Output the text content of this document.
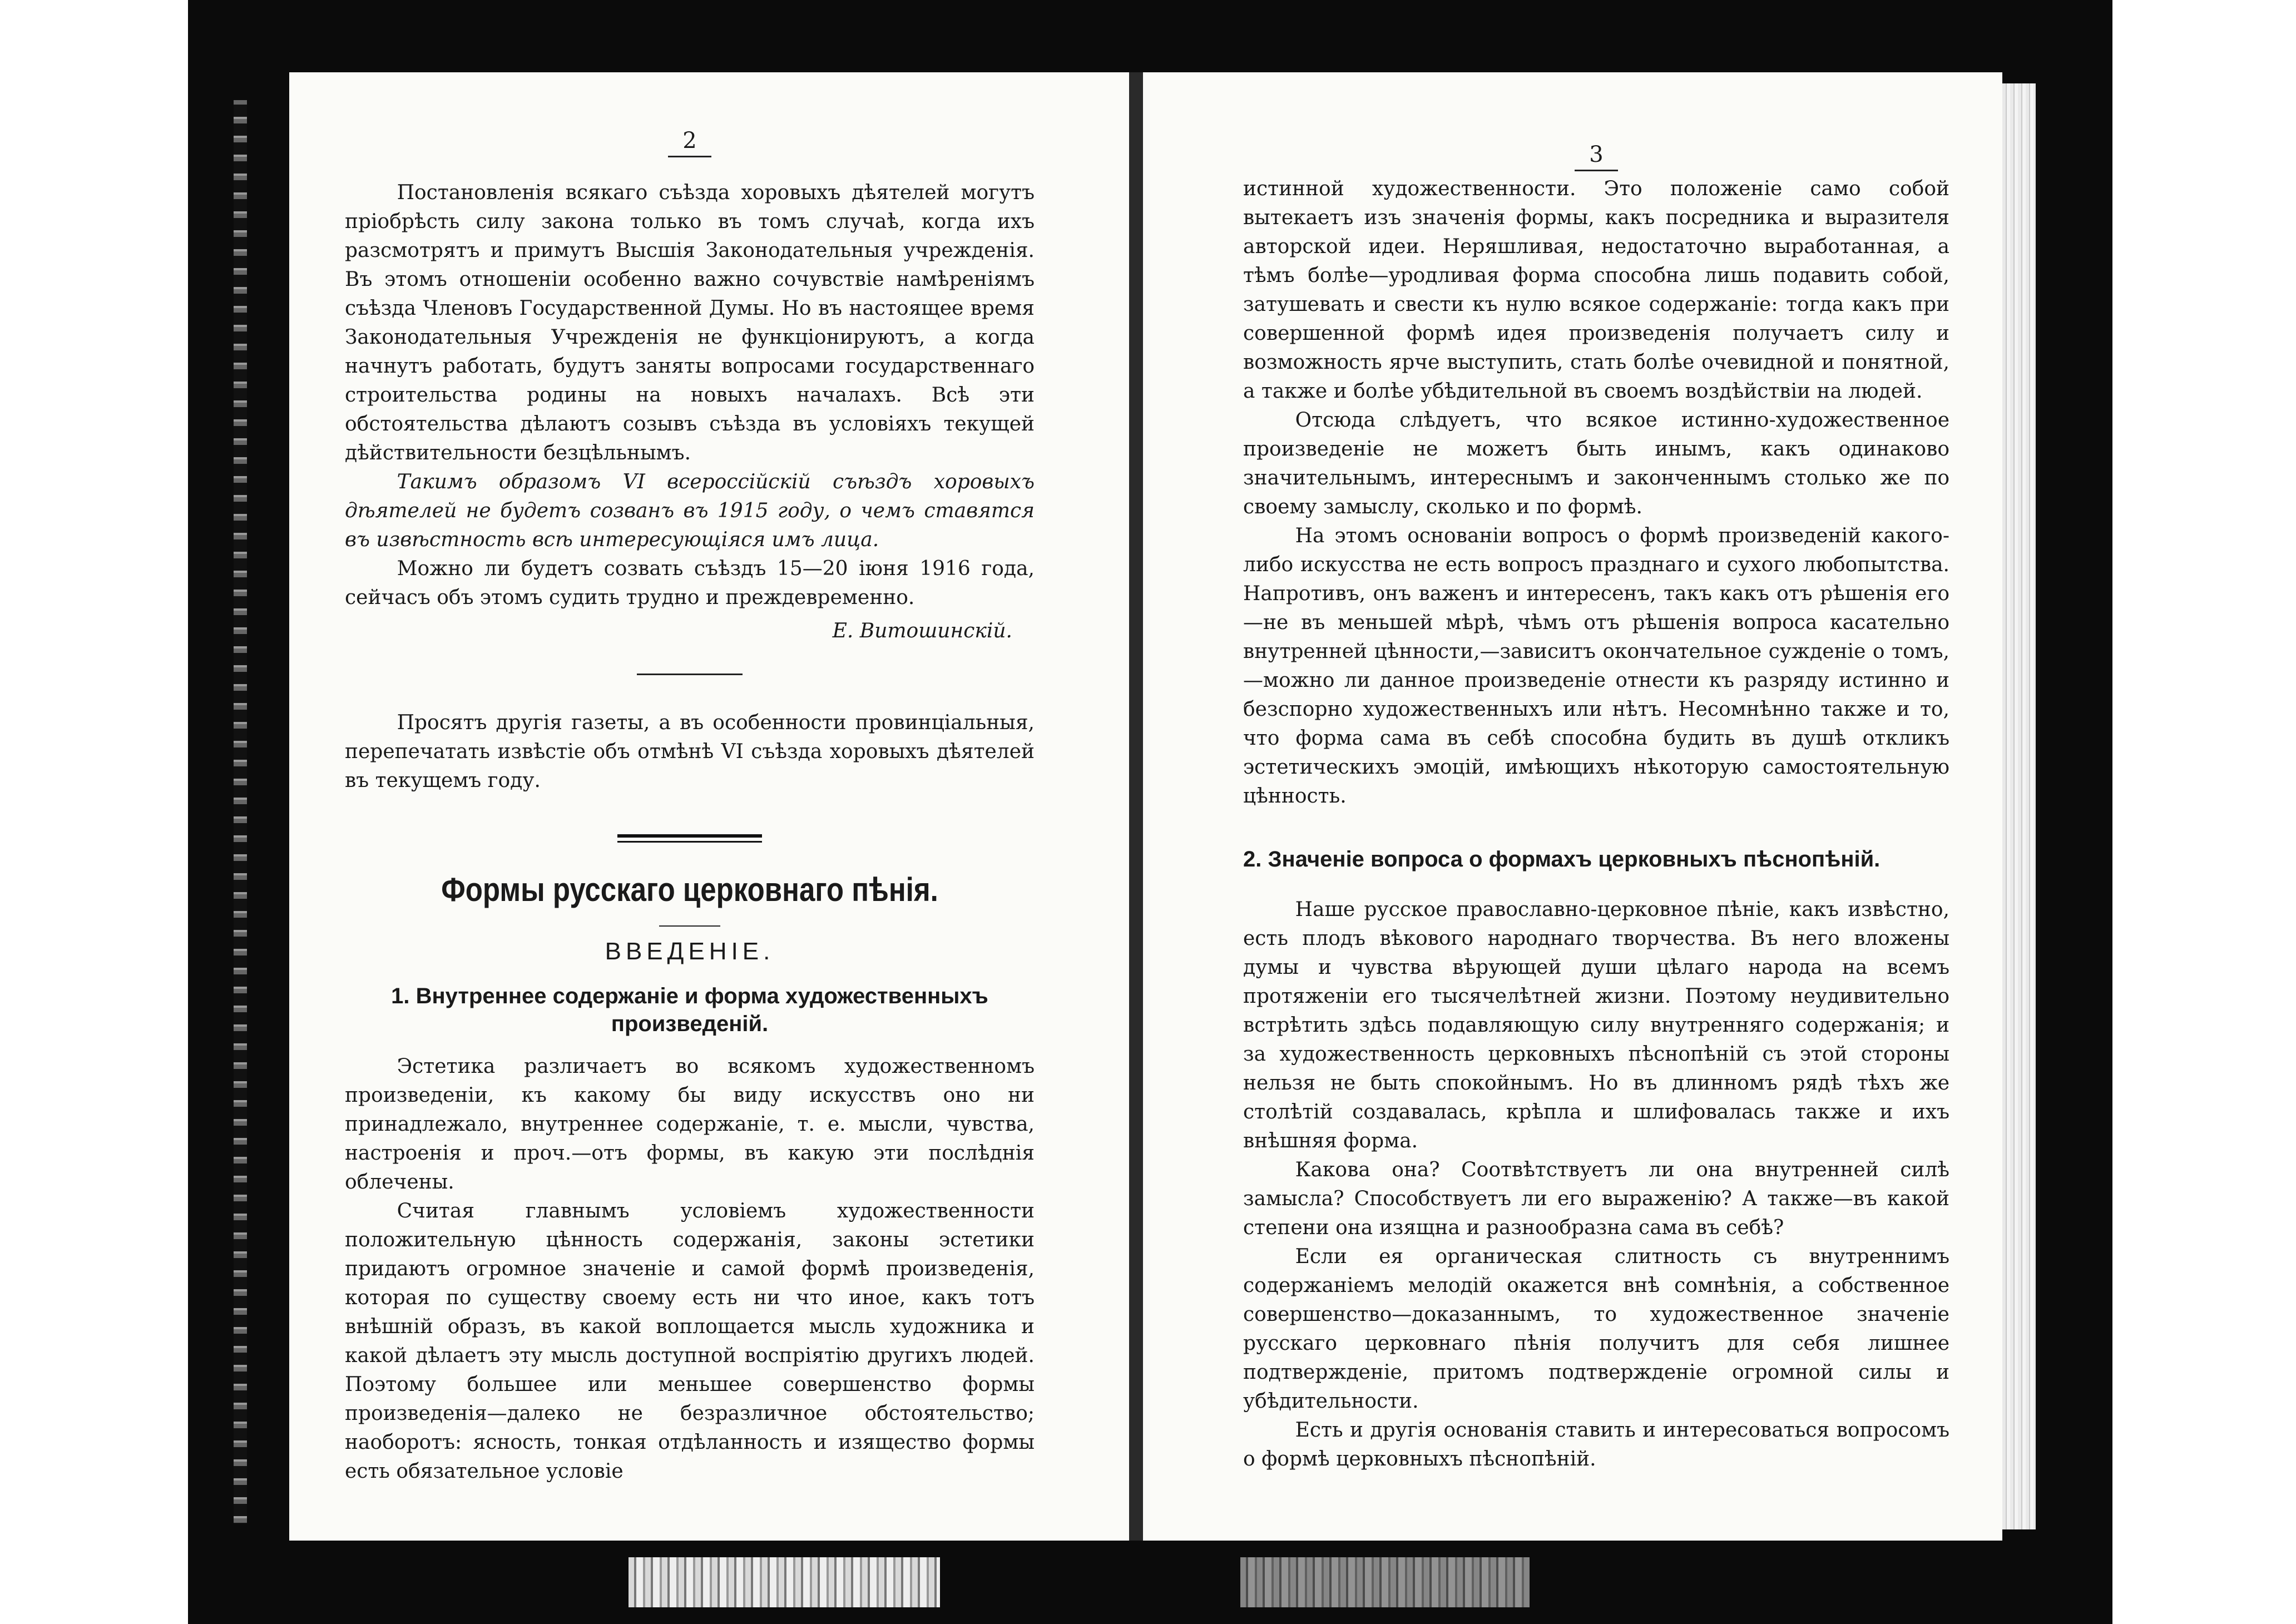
2

Постановленія всякаго съѣзда хоровыхъ дѣятелей могутъ пріобрѣсть силу закона только въ томъ случаѣ, когда ихъ разсмотрятъ и примутъ Высшія Законодательныя учрежденія. Въ этомъ отношеніи особенно важно сочувствіе намѣреніямъ съѣзда Членовъ Государственной Думы. Но въ настоящее время Законодательныя Учрежденія не функціонируютъ, а когда начнутъ работать, будутъ заняты вопросами государственнаго строительства родины на новыхъ началахъ. Всѣ эти обстоятельства дѣлаютъ созывъ съѣзда въ условіяхъ текущей дѣйствительности безцѣльнымъ.

Такимъ образомъ VI всероссійскій съѣздъ хоровыхъ дѣятелей не будетъ созванъ въ 1915 году, о чемъ ставятся въ извѣстность всѣ интересующіяся имъ лица.

Можно ли будетъ созвать съѣздъ 15—20 іюня 1916 года, сейчасъ объ этомъ судить трудно и преждевременно.

Е. Витошинскій.

Просятъ другія газеты, а въ особенности провинціальныя, перепечатать извѣстіе объ отмѣнѣ VI съѣзда хоровыхъ дѣятелей въ текущемъ году.

Формы русскаго церковнаго пѣнія.
ВВЕДЕНІЕ.
1. Внутреннее содержаніе и форма художественныхъ произведеній.

Эстетика различаетъ во всякомъ художественномъ произведеніи, къ какому бы виду искусствъ оно ни принадлежало, внутреннее содержаніе, т. е. мысли, чувства, настроенія и проч.—отъ формы, въ какую эти послѣднія облечены.

Считая главнымъ условіемъ художественности положительную цѣнность содержанія, законы эстетики придаютъ огромное значеніе и самой формѣ произведенія, которая по существу своему есть ни что иное, какъ тотъ внѣшній образъ, въ какой воплощается мысль художника и какой дѣлаетъ эту мысль доступной воспріятію другихъ людей. Поэтому большее или меньшее совершенство формы произведенія—далеко не безразличное обстоятельство; наоборотъ: ясность, тонкая отдѣланность и изящество формы есть обязательное условіе

3

истинной художественности. Это положеніе само собой вытекаетъ изъ значенія формы, какъ посредника и выразителя авторской идеи. Неряшливая, недостаточно выработанная, а тѣмъ болѣе—уродливая форма способна лишь подавить собой, затушевать и свести къ нулю всякое содержаніе: тогда какъ при совершенной формѣ идея произведенія получаетъ силу и возможность ярче выступить, стать болѣе очевидной и понятной, а также и болѣе убѣдительной въ своемъ воздѣйствіи на людей.

Отсюда слѣдуетъ, что всякое истинно-художественное произведеніе не можетъ быть инымъ, какъ одинаково значительнымъ, интереснымъ и законченнымъ столько же по своему замыслу, сколько и по формѣ.

На этомъ основаніи вопросъ о формѣ произведеній какого-либо искусства не есть вопросъ празднаго и сухого любопытства. Напротивъ, онъ важенъ и интересенъ, такъ какъ отъ рѣшенія его—не въ меньшей мѣрѣ, чѣмъ отъ рѣшенія вопроса касательно внутренней цѣнности,—зависитъ окончательное сужденіе о томъ,—можно ли данное произведеніе отнести къ разряду истинно и безспорно художественныхъ или нѣтъ. Несомнѣнно также и то, что форма сама въ себѣ способна будить въ душѣ откликъ эстетическихъ эмоцій, имѣющихъ нѣкоторую самостоятельную цѣнность.

2. Значеніе вопроса о формахъ церковныхъ пѣснопѣній.

Наше русское православно-церковное пѣніе, какъ извѣстно, есть плодъ вѣкового народнаго творчества. Въ него вложены думы и чувства вѣрующей души цѣлаго народа на всемъ протяженіи его тысячелѣтней жизни. Поэтому неудивительно встрѣтить здѣсь подавляющую силу внутренняго содержанія; и за художественность церковныхъ пѣснопѣній съ этой стороны нельзя не быть спокойнымъ. Но въ длинномъ рядѣ тѣхъ же столѣтій создавалась, крѣпла и шлифовалась также и ихъ внѣшняя форма.

Какова она? Соотвѣтствуетъ ли она внутренней силѣ замысла? Способствуетъ ли его выраженію? А также—въ какой степени она изящна и разнообразна сама въ себѣ?

Если ея органическая слитность съ внутреннимъ содержаніемъ мелодій окажется внѣ сомнѣнія, а собственное совершенство—доказаннымъ, то художественное значеніе русскаго церковнаго пѣнія получитъ для себя лишнее подтвержденіе, притомъ подтвержденіе огромной силы и убѣдительности.

Есть и другія основанія ставить и интересоваться вопросомъ о формѣ церковныхъ пѣснопѣній.
